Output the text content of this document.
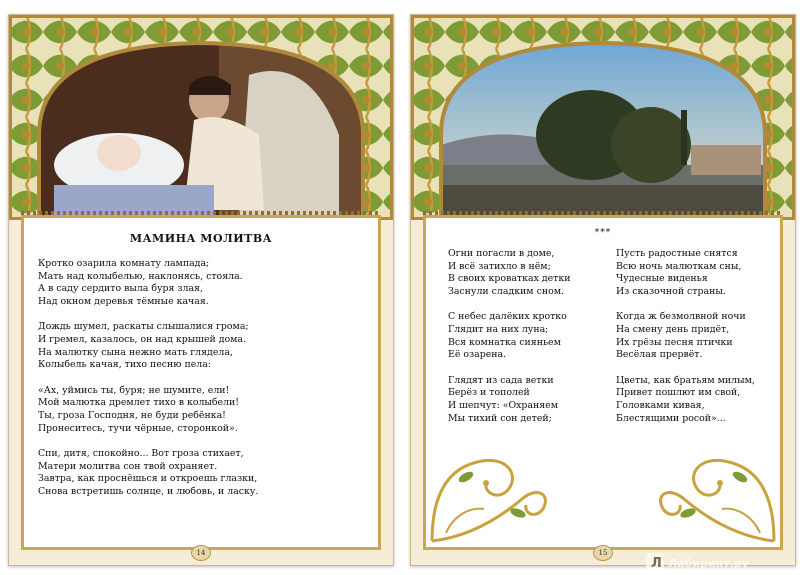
МАМИНА МОЛИТВА
Кротко озарила комнату лампада;
Мать над колыбелью, наклонясь, стояла.
А в саду сердито выла буря злая,
Над окном деревья тёмные качая.
Дождь шумел, раскаты слышалися грома;
И гремел, казалось, он над крышей дома.
На малютку сына нежно мать глядела,
Колыбель качая, тихо песню пела:
«Ах, уймись ты, буря; не шумите, ели!
Мой малютка дремлет тихо в колыбели!
Ты, гроза Господня, не буди ребёнка!
Пронеситесь, тучи чёрные, сторонкой».
Спи, дитя, спокойно... Вот гроза стихает,
Матери молитва сон твой охраняет.
Завтра, как проснёшься и откроешь глазки,
Снова встретишь солнце, и любовь, и ласку.
14
***
Огни погасли в доме,
И всё затихло в нём;
В своих кроватках детки
Заснули сладким сном.
С небес далёких кротко
Глядит на них луна;
Вся комнатка сияньем
Её озарена.
Глядят из сада ветки
Берёз и тополей
И шепчут: «Охраняем
Мы тихий сон детей;
Пусть радостные снятся
Всю ночь малюткам сны,
Чудесные виденья
Из сказочной страны.
Когда ж безмолвной ночи
На смену день придёт,
Их грёзы песня птички
Весёлая прервёт.
Цветы, как братьям милым,
Привет пошлют им свой,
Головками кивая,
Блестящими росой»...
15
Л Лабиринт.ру
